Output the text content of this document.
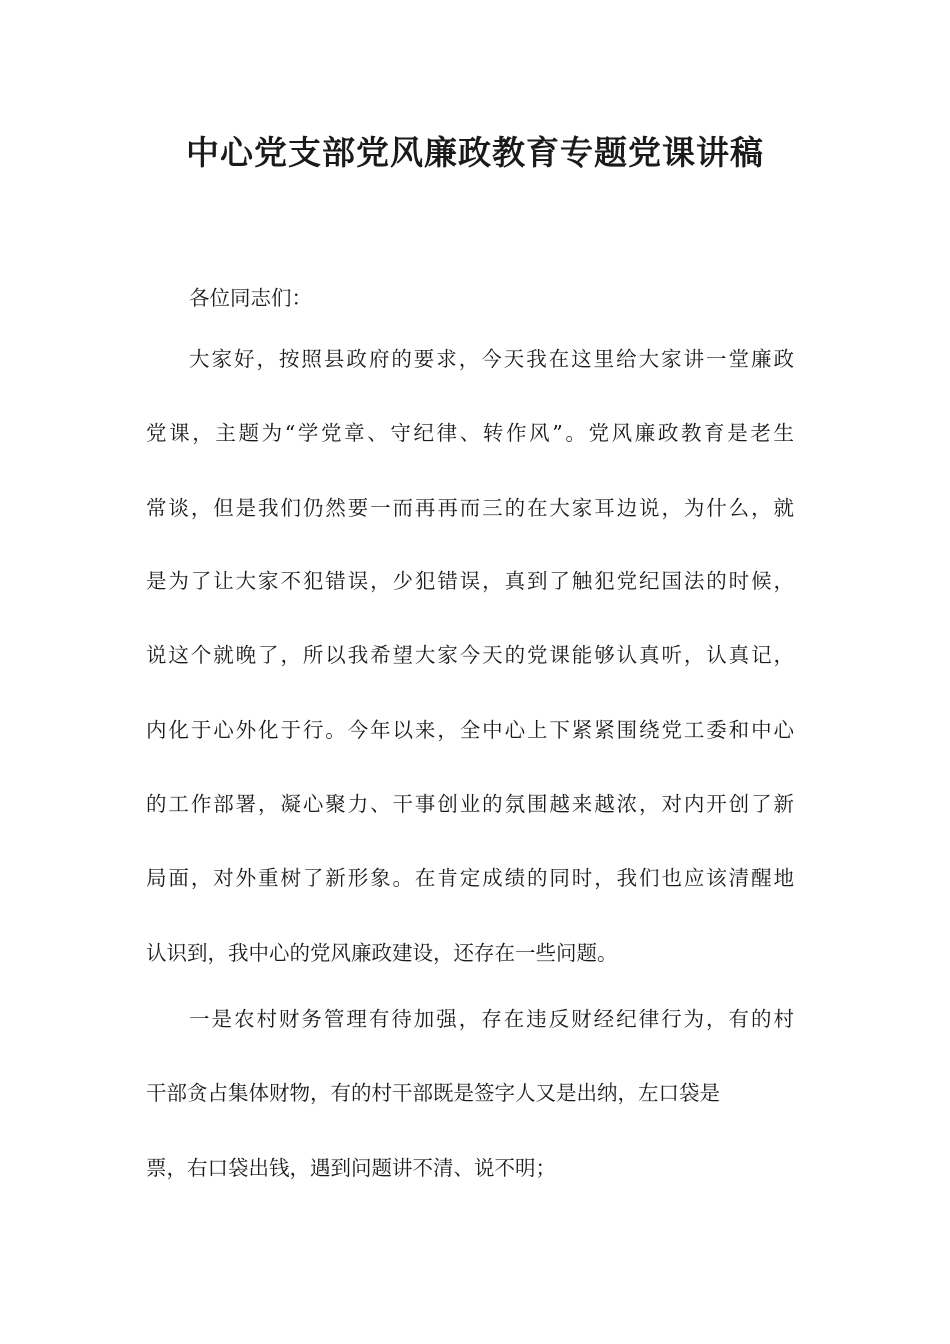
中心党支部党风廉政教育专题党课讲稿

各位同志们：

大家好，按照县政府的要求，今天我在这里给大家讲一堂廉政

党课，主题为“学党章、守纪律、转作风”。党风廉政教育是老生

常谈，但是我们仍然要一而再再而三的在大家耳边说，为什么，就

是为了让大家不犯错误，少犯错误，真到了触犯党纪国法的时候，

说这个就晚了，所以我希望大家今天的党课能够认真听，认真记，

内化于心外化于行。今年以来，全中心上下紧紧围绕党工委和中心

的工作部署，凝心聚力、干事创业的氛围越来越浓，对内开创了新

局面，对外重树了新形象。在肯定成绩的同时，我们也应该清醒地

认识到，我中心的党风廉政建设，还存在一些问题。

一是农村财务管理有待加强，存在违反财经纪律行为，有的村

干部贪占集体财物，有的村干部既是签字人又是出纳，左口袋是

票，右口袋出钱，遇到问题讲不清、说不明；
